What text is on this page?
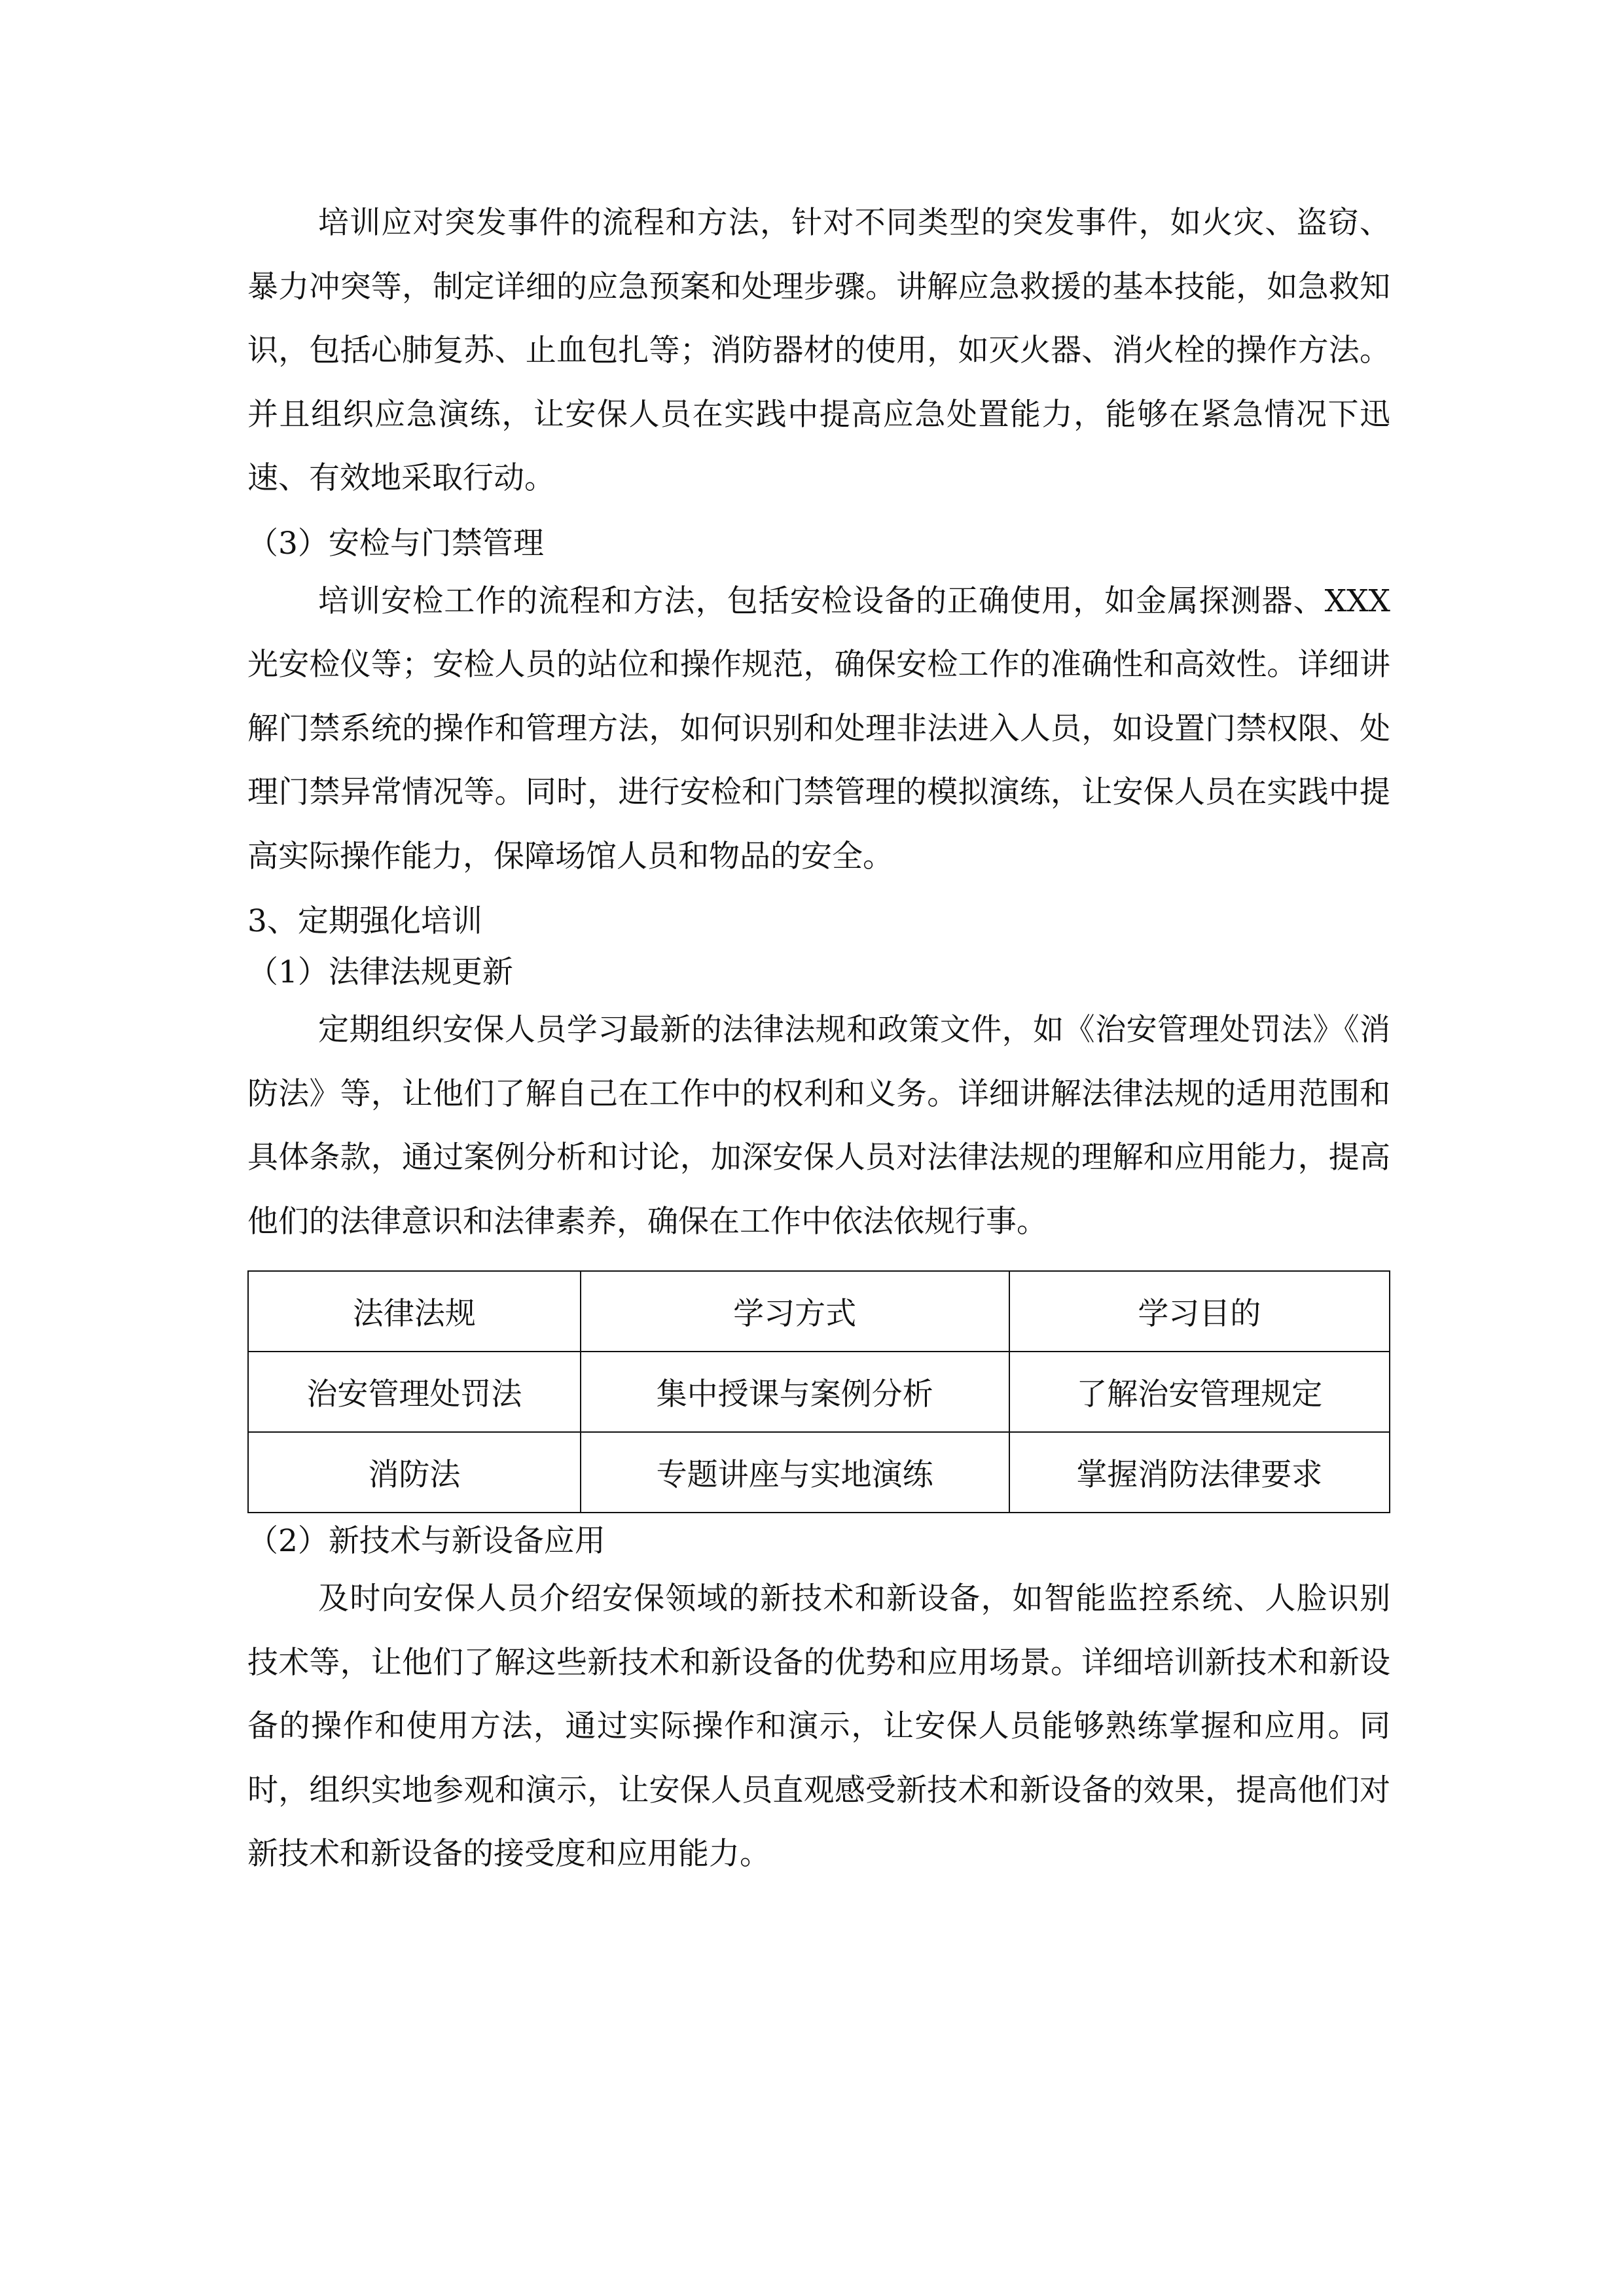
培训应对突发事件的流程和方法，针对不同类型的突发事件，如火灾、盗窃、暴力冲突等，制定详细的应急预案和处理步骤。讲解应急救援的基本技能，如急救知识，包括心肺复苏、止血包扎等；消防器材的使用，如灭火器、消火栓的操作方法。并且组织应急演练，让安保人员在实践中提高应急处置能力，能够在紧急情况下迅速、有效地采取行动。

（3）安检与门禁管理

培训安检工作的流程和方法，包括安检设备的正确使用，如金属探测器、XXX 光安检仪等；安检人员的站位和操作规范，确保安检工作的准确性和高效性。详细讲解门禁系统的操作和管理方法，如何识别和处理非法进入人员，如设置门禁权限、处理门禁异常情况等。同时，进行安检和门禁管理的模拟演练，让安保人员在实践中提高实际操作能力，保障场馆人员和物品的安全。

3、定期强化培训

（1）法律法规更新

定期组织安保人员学习最新的法律法规和政策文件，如《治安管理处罚法》《消防法》等，让他们了解自己在工作中的权利和义务。详细讲解法律法规的适用范围和具体条款，通过案例分析和讨论，加深安保人员对法律法规的理解和应用能力，提高他们的法律意识和法律素养，确保在工作中依法依规行事。

法律法规	学习方式	学习目的
治安管理处罚法	集中授课与案例分析	了解治安管理规定
消防法	专题讲座与实地演练	掌握消防法律要求

（2）新技术与新设备应用

及时向安保人员介绍安保领域的新技术和新设备，如智能监控系统、人脸识别技术等，让他们了解这些新技术和新设备的优势和应用场景。详细培训新技术和新设备的操作和使用方法，通过实际操作和演示，让安保人员能够熟练掌握和应用。同时，组织实地参观和演示，让安保人员直观感受新技术和新设备的效果，提高他们对新技术和新设备的接受度和应用能力。
